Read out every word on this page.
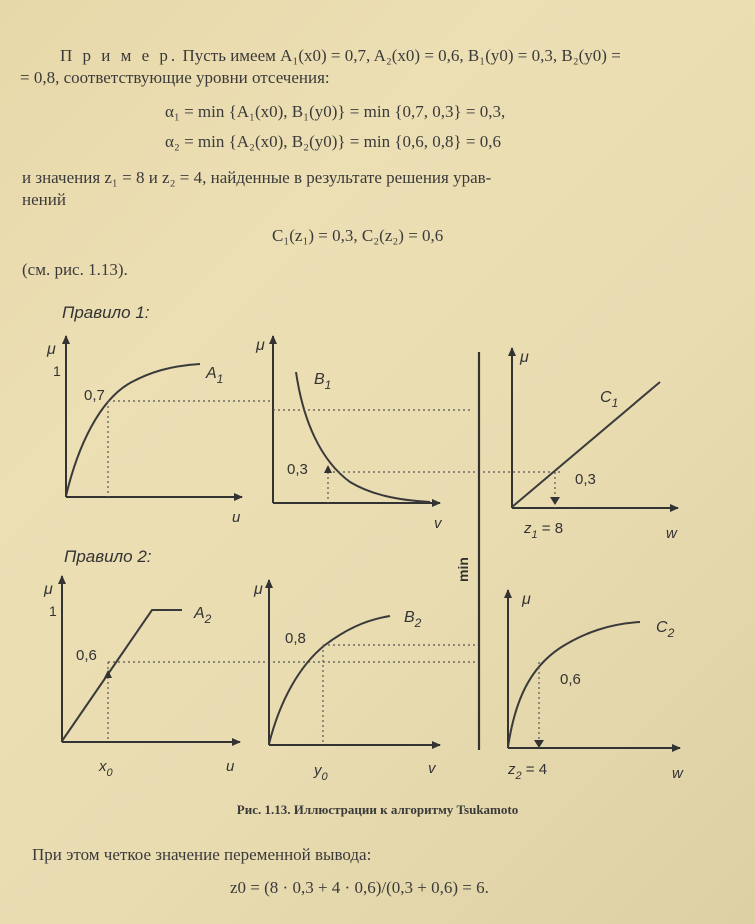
П р и м е р. Пусть имеем A₁(x0) = 0,7, A₂(x0) = 0,6, B₁(y0) = 0,3, B₂(y0) =
= 0,8, соответствующие уровни отсечения:
α₁ = min {A₁(x0), B₁(y0)} = min {0,7, 0,3} = 0,3,
α₂ = min {A₂(x0), B₂(y0)} = min {0,6, 0,8} = 0,6
и значения z₁ = 8 и z₂ = 4, найденные в результате решения урав-
нений
C₁(z₁) = 0,3, C₂(z₂) = 0,6
(см. рис. 1.13).
Правило 1:
Правило 2:
μ
1
0,7
$A_1$
u
μ
0,3
$B_1$
v
min
μ
0,3
$C_1$
$z_1 = 8$	w
μ
1
0,6
$A_2$
$x_0$	u
μ
0,8
$B_2$
$y_0$	v
μ
0,6
$C_2$
$z_2 = 4$	w
Рис. 1.13. Иллюстрации к алгоритму Tsukamoto
При этом четкое значение переменной вывода:
z0 = (8 · 0,3 + 4 · 0,6)/(0,3 + 0,6) = 6.
